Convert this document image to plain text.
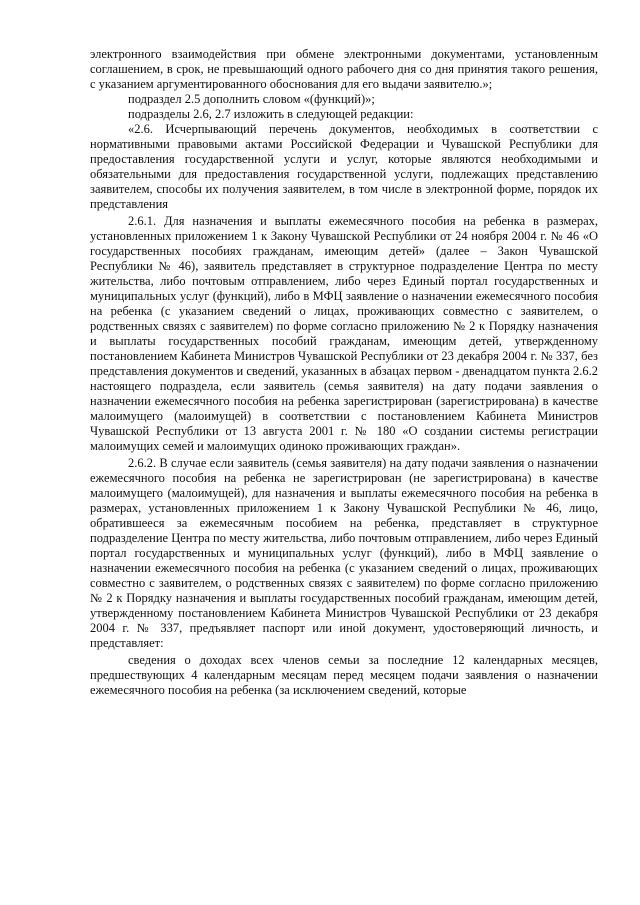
электронного взаимодействия при обмене электронными документами, установленным соглашением, в срок, не превышающий одного рабочего дня со дня принятия такого решения, с указанием аргументированного обоснования для его выдачи заявителю.»;

подраздел 2.5 дополнить словом «(функций)»;

подразделы 2.6, 2.7 изложить в следующей редакции:

«2.6. Исчерпывающий перечень документов, необходимых в соответствии с нормативными правовыми актами Российской Федерации и Чувашской Республики для предоставления государственной услуги и услуг, которые являются необходимыми и обязательными для предоставления государственной услуги, подлежащих представлению заявителем, способы их получения заявителем, в том числе в электронной форме, порядок их представления

2.6.1. Для назначения и выплаты ежемесячного пособия на ребенка в размерах, установленных приложением 1 к Закону Чувашской Республики от 24 ноября 2004 г. № 46 «О государственных пособиях гражданам, имеющим детей» (далее – Закон Чувашской Республики № 46), заявитель представляет в структурное подразделение Центра по месту жительства, либо почтовым отправлением, либо через Единый портал государственных и муниципальных услуг (функций), либо в МФЦ заявление о назначении ежемесячного пособия на ребенка (с указанием сведений о лицах, проживающих совместно с заявителем, о родственных связях с заявителем) по форме согласно приложению № 2 к Порядку назначения и выплаты государственных пособий гражданам, имеющим детей, утвержденному постановлением Кабинета Министров Чувашской Республики от 23 декабря 2004 г. № 337, без представления документов и сведений, указанных в абзацах первом - двенадцатом пункта 2.6.2 настоящего подраздела, если заявитель (семья заявителя) на дату подачи заявления о назначении ежемесячного пособия на ребенка зарегистрирован (зарегистрирована) в качестве малоимущего (малоимущей) в соответствии с постановлением Кабинета Министров Чувашской Республики от 13 августа 2001 г. № 180 «О создании системы регистрации малоимущих семей и малоимущих одиноко проживающих граждан».

2.6.2. В случае если заявитель (семья заявителя) на дату подачи заявления о назначении ежемесячного пособия на ребенка не зарегистрирован (не зарегистрирована) в качестве малоимущего (малоимущей), для назначения и выплаты ежемесячного пособия на ребенка в размерах, установленных приложением 1 к Закону Чувашской Республики № 46, лицо, обратившееся за ежемесячным пособием на ребенка, представляет в структурное подразделение Центра по месту жительства, либо почтовым отправлением, либо через Единый портал государственных и муниципальных услуг (функций), либо в МФЦ заявление о назначении ежемесячного пособия на ребенка (с указанием сведений о лицах, проживающих совместно с заявителем, о родственных связях с заявителем) по форме согласно приложению № 2 к Порядку назначения и выплаты государственных пособий гражданам, имеющим детей, утвержденному постановлением Кабинета Министров Чувашской Республики от 23 декабря 2004 г. № 337, предъявляет паспорт или иной документ, удостоверяющий личность, и представляет:

сведения о доходах всех членов семьи за последние 12 календарных месяцев, предшествующих 4 календарным месяцам перед месяцем подачи заявления о назначении ежемесячного пособия на ребенка (за исключением сведений, которые
